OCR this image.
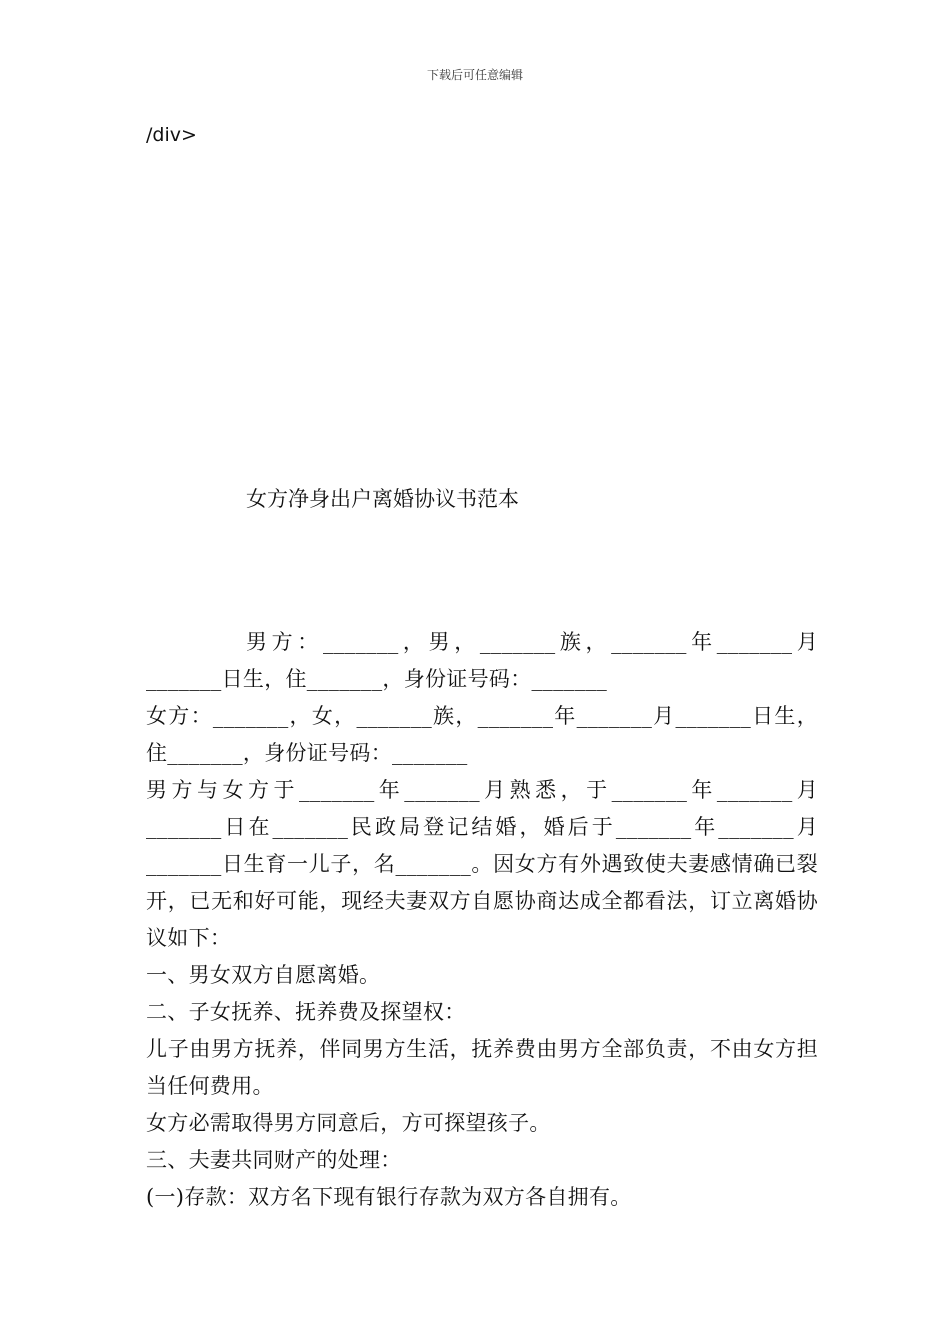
下载后可任意编辑
/div>
女方净身出户离婚协议书范本

男方：_______，男，_______族，_______年_______月_______日生，住_______，身份证号码：_______

女方：_______，女，_______族，_______年_______月_______日生，住_______，身份证号码：_______

男方与女方于_______年_______月熟悉，于_______年_______月_______日在_______民政局登记结婚，婚后于_______年_______月_______日生育一儿子，名_______。因女方有外遇致使夫妻感情确已裂开，已无和好可能，现经夫妻双方自愿协商达成全都看法，订立离婚协议如下：

一、男女双方自愿离婚。

二、子女抚养、抚养费及探望权：

儿子由男方抚养，伴同男方生活，抚养费由男方全部负责，不由女方担当任何费用。

女方必需取得男方同意后，方可探望孩子。

三、夫妻共同财产的处理：

(一)存款：双方名下现有银行存款为双方各自拥有。
